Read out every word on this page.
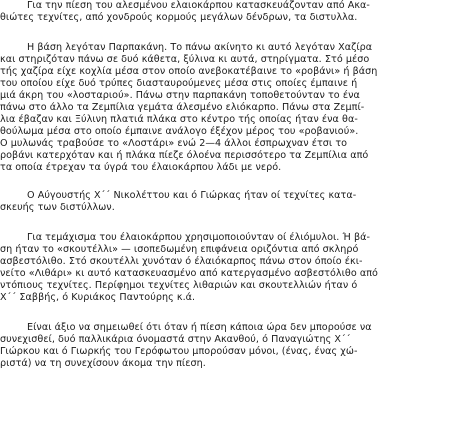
Για την πίεση του αλεσμένου ελαιοκάρπου κατασκευάζονταν από Ακα-
θιώτες τεχνίτες, από χονδρούς κορμούς μεγάλων δένδρων, τα διστυλλα.
Η βάση λεγόταν Παρπακάνη. Το πάνω ακίνητο κι αυτό λεγόταν Χαζίρα
και στηριζόταν πάνω σε δυό κάθετα, ξύλινα κι αυτά, στηρίγματα. Στό μέσο
τής χαζίρα είχε κοχλία μέσα στον οποίο ανεβοκατέβαινε το «ροβάνι» ή βάση
του οποίου είχε δυό τρύπες διασταυρούμενες μέσα στις οποίες έμπαινε ή
μιά άκρη του «λοσταριού». Πάνω στην παρπακάνη τοποθετούνταν το ένα
πάνω στο άλλο τα Ζεμπίλια γεμάτα άλεσμένο ελιόκαρπο. Πάνω στα Ζεμπί-
λια έβαζαν και Ξύλινη πλατιά πλάκα στο κέντρο τής οποίας ήταν ένα θα-
θούλωμα μέσα στο οποίο έμπαινε ανάλογο έξέχον μέρος του «ροβανιού».
Ο μυλωνάς τραβούσε το «Λοστάρι» ενώ 2—4 άλλοι έσπρωχναν έτσι το
ροβάνι κατερχόταν και ή πλάκα πίεζε όλοένα περισσότερο τα Ζεμπίλια από
τα οποία έτρεχαν τα ύγρά του έλαιοκάρπου λάδι με νερό.
Ο Αύγουστής Χ΄΄ Νικολέττου και ό Γιώρκας ήταν οί τεχνίτες κατα-
σκευής των διστύλλων.
Για τεμάχισμα του έλαιοκάρπου χρησιμοποιούνταν οί έλιόμυλοι. Ή βά-
ση ήταν το «σκουτέλλι» — ισοπεδωμένη επιφάνεια οριζόντια από σκληρό
ασβεστόλιθο. Στό σκουτέλλι χυνόταν ό έλαιόκαρπος πάνω στον όποίο έκι-
νείτο «Λιθάρι» κι αυτό κατασκευασμένο από κατεργασμένο ασβεστόλιθο από
ντόπιους τεχνίτες. Περίφημοι τεχνίτες λιθαριών και σκουτελλιών ήταν ό
Χ΄΄ Σαββής, ό Κυριάκος Παντούρης κ.ά.
Είναι άξιο να σημειωθεί ότι όταν ή πίεση κάποια ώρα δεν μπορούσε να
συνεχισθεί, δυό παλλικάρια όνομαστά στην Ακανθού, ό Παναγιώτης Χ΄΄
Γιώρκου και ό Γιωρκής του Γερόφωτου μπορούσαν μόνοι, (ένας, ένας χώ-
ριστά) να τη συνεχίσουν άκομα την πίεση.
